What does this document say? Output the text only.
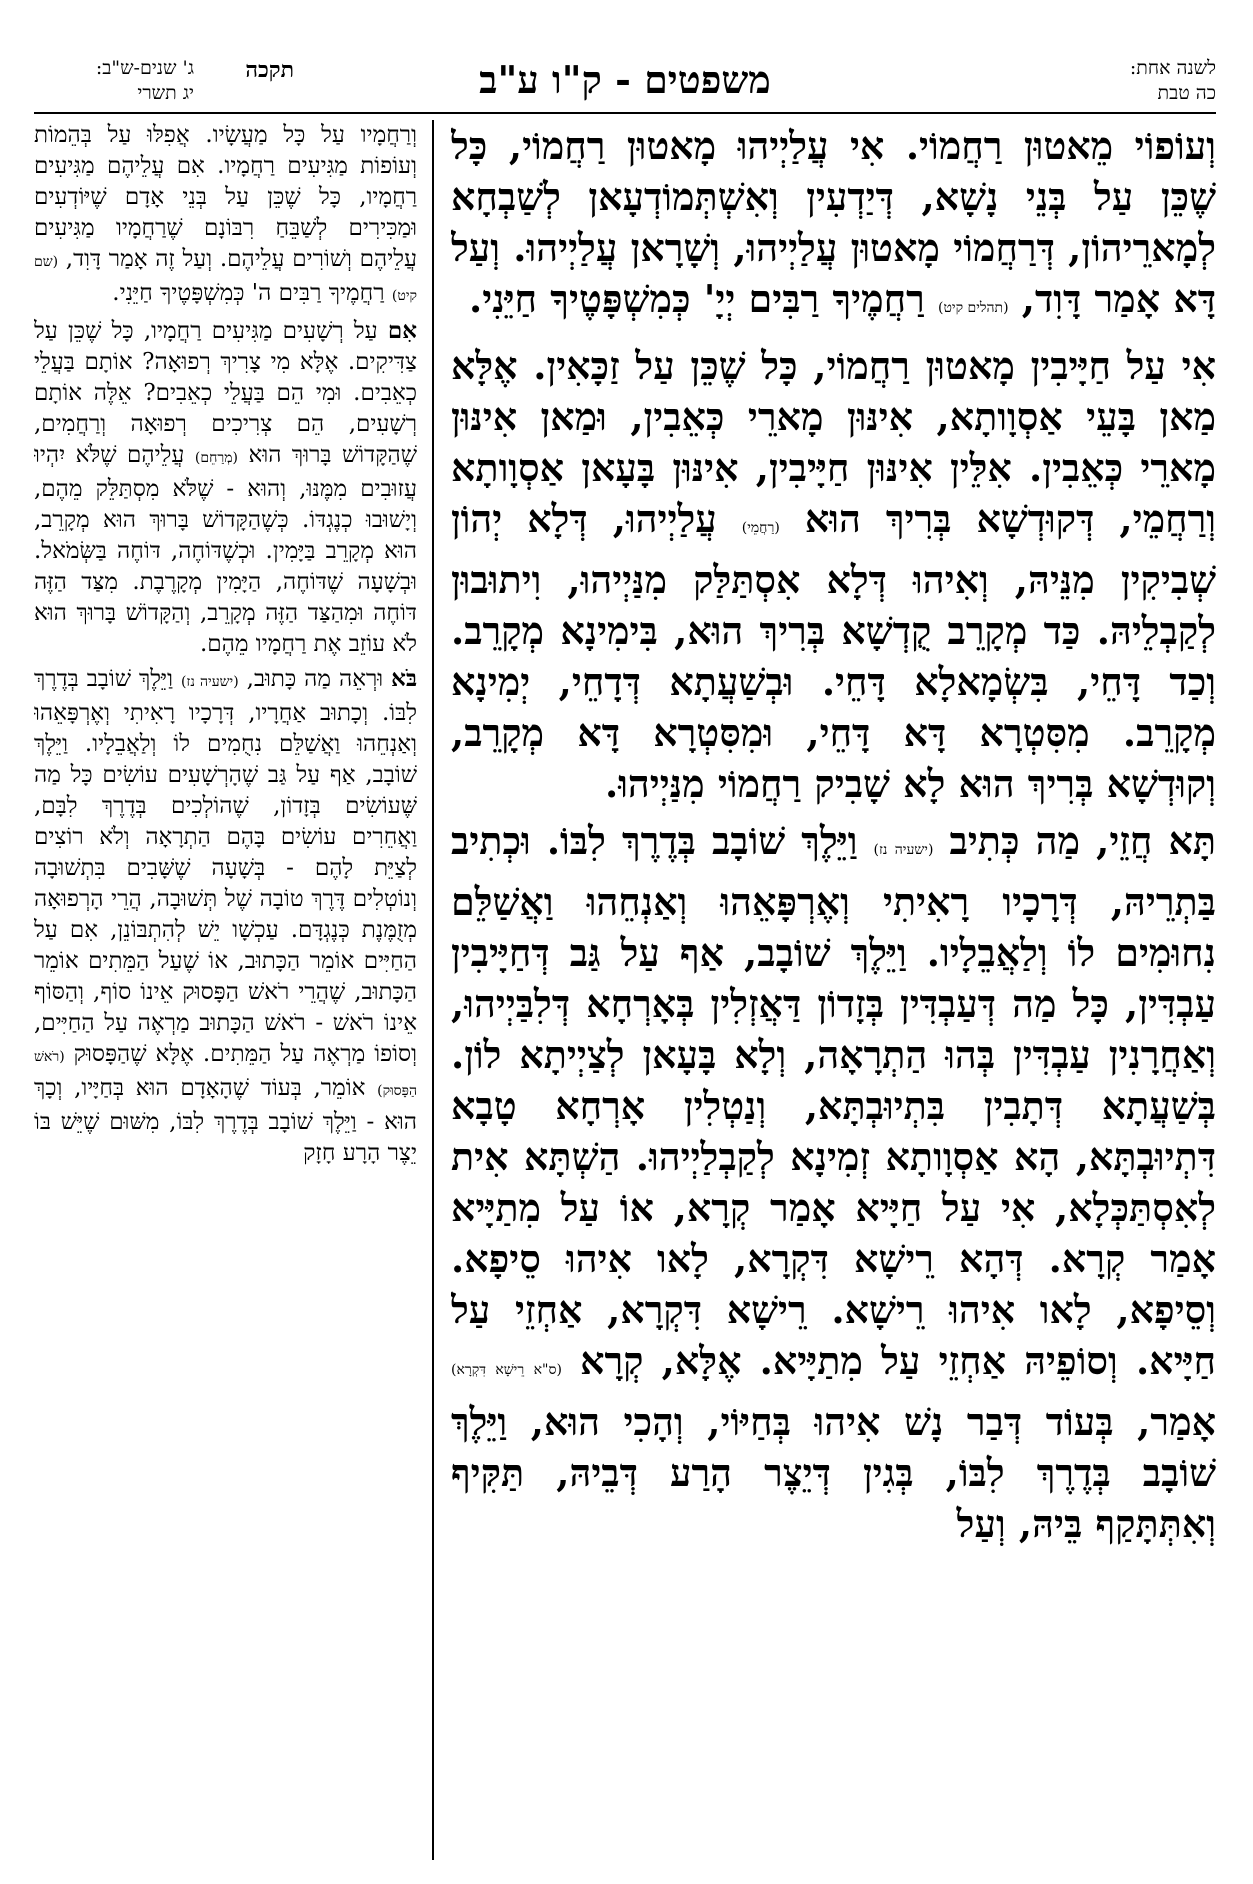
לשנה אחת:
כה טבת
משפטים - ק"ו ע"ב
ג' שנים-ש"ב:
יג תשרי
תקכה

וְעוֹפוֹי מֵאטוּן רַחֲמוֹי. אִי עֲלַיְיהוּ מָאטוּן רַחֲמוֹי, כָּל שֶׁכֵּן עַל בְּנֵי נָשָׁא, דְּיַדְעִין וְאִשְׁתְּמוֹדְעָאן לְשַׁבְחָא לְמָארֵיהוֹן, דְּרַחֲמוֹי מָאטוּן עֲלַיְיהוּ, וְשָׁרָאן עֲלַיְיהוּ. וְעַל דָּא אָמַר דָּוִד, (תהלים קיט) רַחֲמֶיךָ רַבִּים יְיָ' כְּמִשְׁפָּטֶיךָ חַיֵּנִי.

אִי עַל חַיָּיבִין מָאטוּן רַחֲמוֹי, כָּל שֶׁכֵּן עַל זַכָּאִין. אֶלָּא מַאן בָּעֵי אַסְוָותָא, אִינּוּן מָארֵי כְּאֵבִין, וּמַאן אִינּוּן מָארֵי כְּאֵבִין. אִלֵּין אִינּוּן חַיָּיבִין, אִינּוּן בָּעָאן אַסְוָותָא וְרַחֲמֵי, דְּקוּדְשָׁא בְּרִיךְ הוּא (רַחֲמֵי) עֲלַיְיהוּ, דְּלָא יְהוֹן שְׁבִיקִין מִנֵּיהּ, וְאִיהוּ דְּלָא אִסְתַּלַּק מִנַּיְיהוּ, וִיתוּבוּן לְקַבְלֵיהּ. כַּד מְקָרֵב קֻדְשָׁא בְּרִיךְ הוּא, בִּימִינָא מְקָרֵב. וְכַד דָּחֵי, בִּשְׂמָאלָא דָּחֵי. וּבְשַׁעֲתָא דְּדָחֵי, יְמִינָא מְקָרֵב. מִסִּטְרָא דָּא דָּחֵי, וּמִסִּטְרָא דָּא מְקָרֵב, וְקוּדְשָׁא בְּרִיךְ הוּא לָא שָׁבִיק רַחֲמוֹי מִנַּיְיהוּ.

תָּא חֲזֵי, מַה כְּתִיב (ישעיה נז) וַיֵּלֶךְ שׁוֹבָב בְּדֶרֶךְ לִבּוֹ. וּכְתִיב בַּתְרֵיהּ, דְּרָכָיו רָאִיתִי וְאֶרְפָּאֵהוּ וְאַנְחֵהוּ וַאֲשַׁלֵּם נִחוּמִים לוֹ וְלַאֲבֵלָיו. וַיֵּלֶךְ שׁוֹבָב, אַף עַל גַּב דְּחַיָּיבִין עַבְדִּין, כָּל מַה דְּעַבְדִּין בְּזָדוֹן דַּאֲזְלִין בְּאָרְחָא דְּלִבַּיְיהוּ, וְאַחֲרָנִין עַבְדִּין בְּהוּ הַתְרָאָה, וְלָא בָּעָאן לְצַיְיתָא לוֹן. בְּשַׁעֲתָא דְּתָבִין בִּתְיוּבְתָּא, וְנַטְלִין אָרְחָא טָבָא דִּתְיוּבְתָּא, הָא אַסְוָותָא זְמִינָא לְקַבְלַיְיהוּ. הַשְׁתָּא אִית לְאִסְתַּכְּלָא, אִי עַל חַיָּיא אָמַר קְרָא, אוֹ עַל מִתַיָּיא אָמַר קְרָא. דְּהָא רֵישָׁא דִּקְרָא, לָאו אִיהוּ סֵיפָא. וְסֵיפָא, לָאו אִיהוּ רֵישָׁא. רֵישָׁא דִּקְרָא, אַחְזֵי עַל חַיָּיא. וְסוֹפֵיהּ אַחְזֵי עַל מִתַיָּיא. אֶלָּא, קְרָא (ס"א רֵישָׁא דִּקְרָא) אָמַר, בְּעוֹד דְּבַר נָשׁ אִיהוּ בְּחַיּוֹי, וְהָכִי הוּא, וַיֵּלֶךְ שׁוֹבָב בְּדֶרֶךְ לִבּוֹ, בְּגִין דְּיֵצֶר הָרַע דְּבֵיהּ, תַּקִּיף וְאִתְּתָּקַף בֵּיהּ, וְעַל

וְרַחֲמָיו עַל כָּל מַעֲשָׂיו. אֲפִלּוּ עַל בְּהֵמוֹת וְעוֹפוֹת מַגִּיעִים רַחֲמָיו. אִם עֲלֵיהֶם מַגִּיעִים רַחֲמָיו, כָּל שֶׁכֵּן עַל בְּנֵי אָדָם שֶׁיּוֹדְעִים וּמַכִּירִים לְשַׁבֵּחַ רִבּוֹנָם שֶׁרַחֲמָיו מַגִּיעִים עֲלֵיהֶם וְשׁוֹרִים עֲלֵיהֶם. וְעַל זֶה אָמַר דָּוִד, (שם קיט) רַחֲמֶיךָ רַבִּים ה' כְּמִשְׁפָּטֶיךָ חַיֵּנִי.

אִם עַל רְשָׁעִים מַגִּיעִים רַחֲמָיו, כָּל שֶׁכֵּן עַל צַדִּיקִים. אֶלָּא מִי צָרִיךְ רְפוּאָה? אוֹתָם בַּעֲלֵי כְאֵבִים. וּמִי הֵם בַּעֲלֵי כְאֵבִים? אֵלֶּה אוֹתָם רְשָׁעִים, הֵם צְרִיכִים רְפוּאָה וְרַחֲמִים, שֶׁהַקָּדוֹשׁ בָּרוּךְ הוּא (מְרַחֵם) עֲלֵיהֶם שֶׁלֹּא יִהְיוּ עֲזוּבִים מִמֶּנּוּ, וְהוּא - שֶׁלֹּא מִסְתַּלֵּק מֵהֶם, וְיָשׁוּבוּ כְנֶגְדּוֹ. כְּשֶׁהַקָּדוֹשׁ בָּרוּךְ הוּא מְקָרֵב, הוּא מְקָרֵב בַּיָּמִין. וּכְשֶׁדּוֹחֶה, דּוֹחֶה בַּשְּׂמֹאל. וּבְשָׁעָה שֶׁדּוֹחֶה, הַיָּמִין מְקָרֶבֶת. מִצַּד הַזֶּה דּוֹחֶה וּמִהַצַּד הַזֶּה מְקָרֵב, וְהַקָּדוֹשׁ בָּרוּךְ הוּא לֹא עוֹזֵב אֶת רַחֲמָיו מֵהֶם.

בֹּא וּרְאֵה מַה כָּתוּב, (ישעיה נז) וַיֵּלֶךְ שׁוֹבָב בְּדֶרֶךְ לִבּוֹ. וְכָתוּב אַחֲרָיו, דְּרָכָיו רָאִיתִי וְאֶרְפָּאֵהוּ וְאַנְחֵהוּ וַאֲשַׁלֵּם נִחֻמִים לוֹ וְלַאֲבֵלָיו. וַיֵּלֶךְ שׁוֹבָב, אַף עַל גַּב שֶׁהָרְשָׁעִים עוֹשִׂים כָּל מַה שֶּׁעוֹשִׂים בְּזָדוֹן, שֶׁהוֹלְכִים בְּדֶרֶךְ לִבָּם, וַאֲחֵרִים עוֹשִׂים בָּהֶם הַתְרָאָה וְלֹא רוֹצִים לְצַיֵּת לָהֶם - בְּשָׁעָה שֶׁשָּׁבִים בִּתְשׁוּבָה וְנוֹטְלִים דֶּרֶךְ טוֹבָה שֶׁל תְּשׁוּבָה, הֲרֵי הָרְפוּאָה מְזֻמֶּנֶת כְּנֶגְדָּם. עַכְשָׁו יֵשׁ לְהִתְבּוֹנֵן, אִם עַל הַחַיִּים אוֹמֵר הַכָּתוּב, אוֹ שֶׁעַל הַמֵּתִים אוֹמֵר הַכָּתוּב, שֶׁהֲרֵי רֹאשׁ הַפָּסוּק אֵינוֹ סוֹף, וְהַסּוֹף אֵינוֹ רֹאשׁ - רֹאשׁ הַכָּתוּב מַרְאֶה עַל הַחַיִּים, וְסוֹפוֹ מַרְאֶה עַל הַמֵּתִים. אֶלָּא שֶׁהַפָּסוּק (רֹאשׁ הַפָּסוּק) אוֹמֵר, בְּעוֹד שֶׁהָאָדָם הוּא בְּחַיָּיו, וְכָךְ הוּא - וַיֵּלֶךְ שׁוֹבָב בְּדֶרֶךְ לִבּוֹ, מִשּׁוּם שֶׁיֵּשׁ בּוֹ יֵצֶר הָרָע חָזָק
